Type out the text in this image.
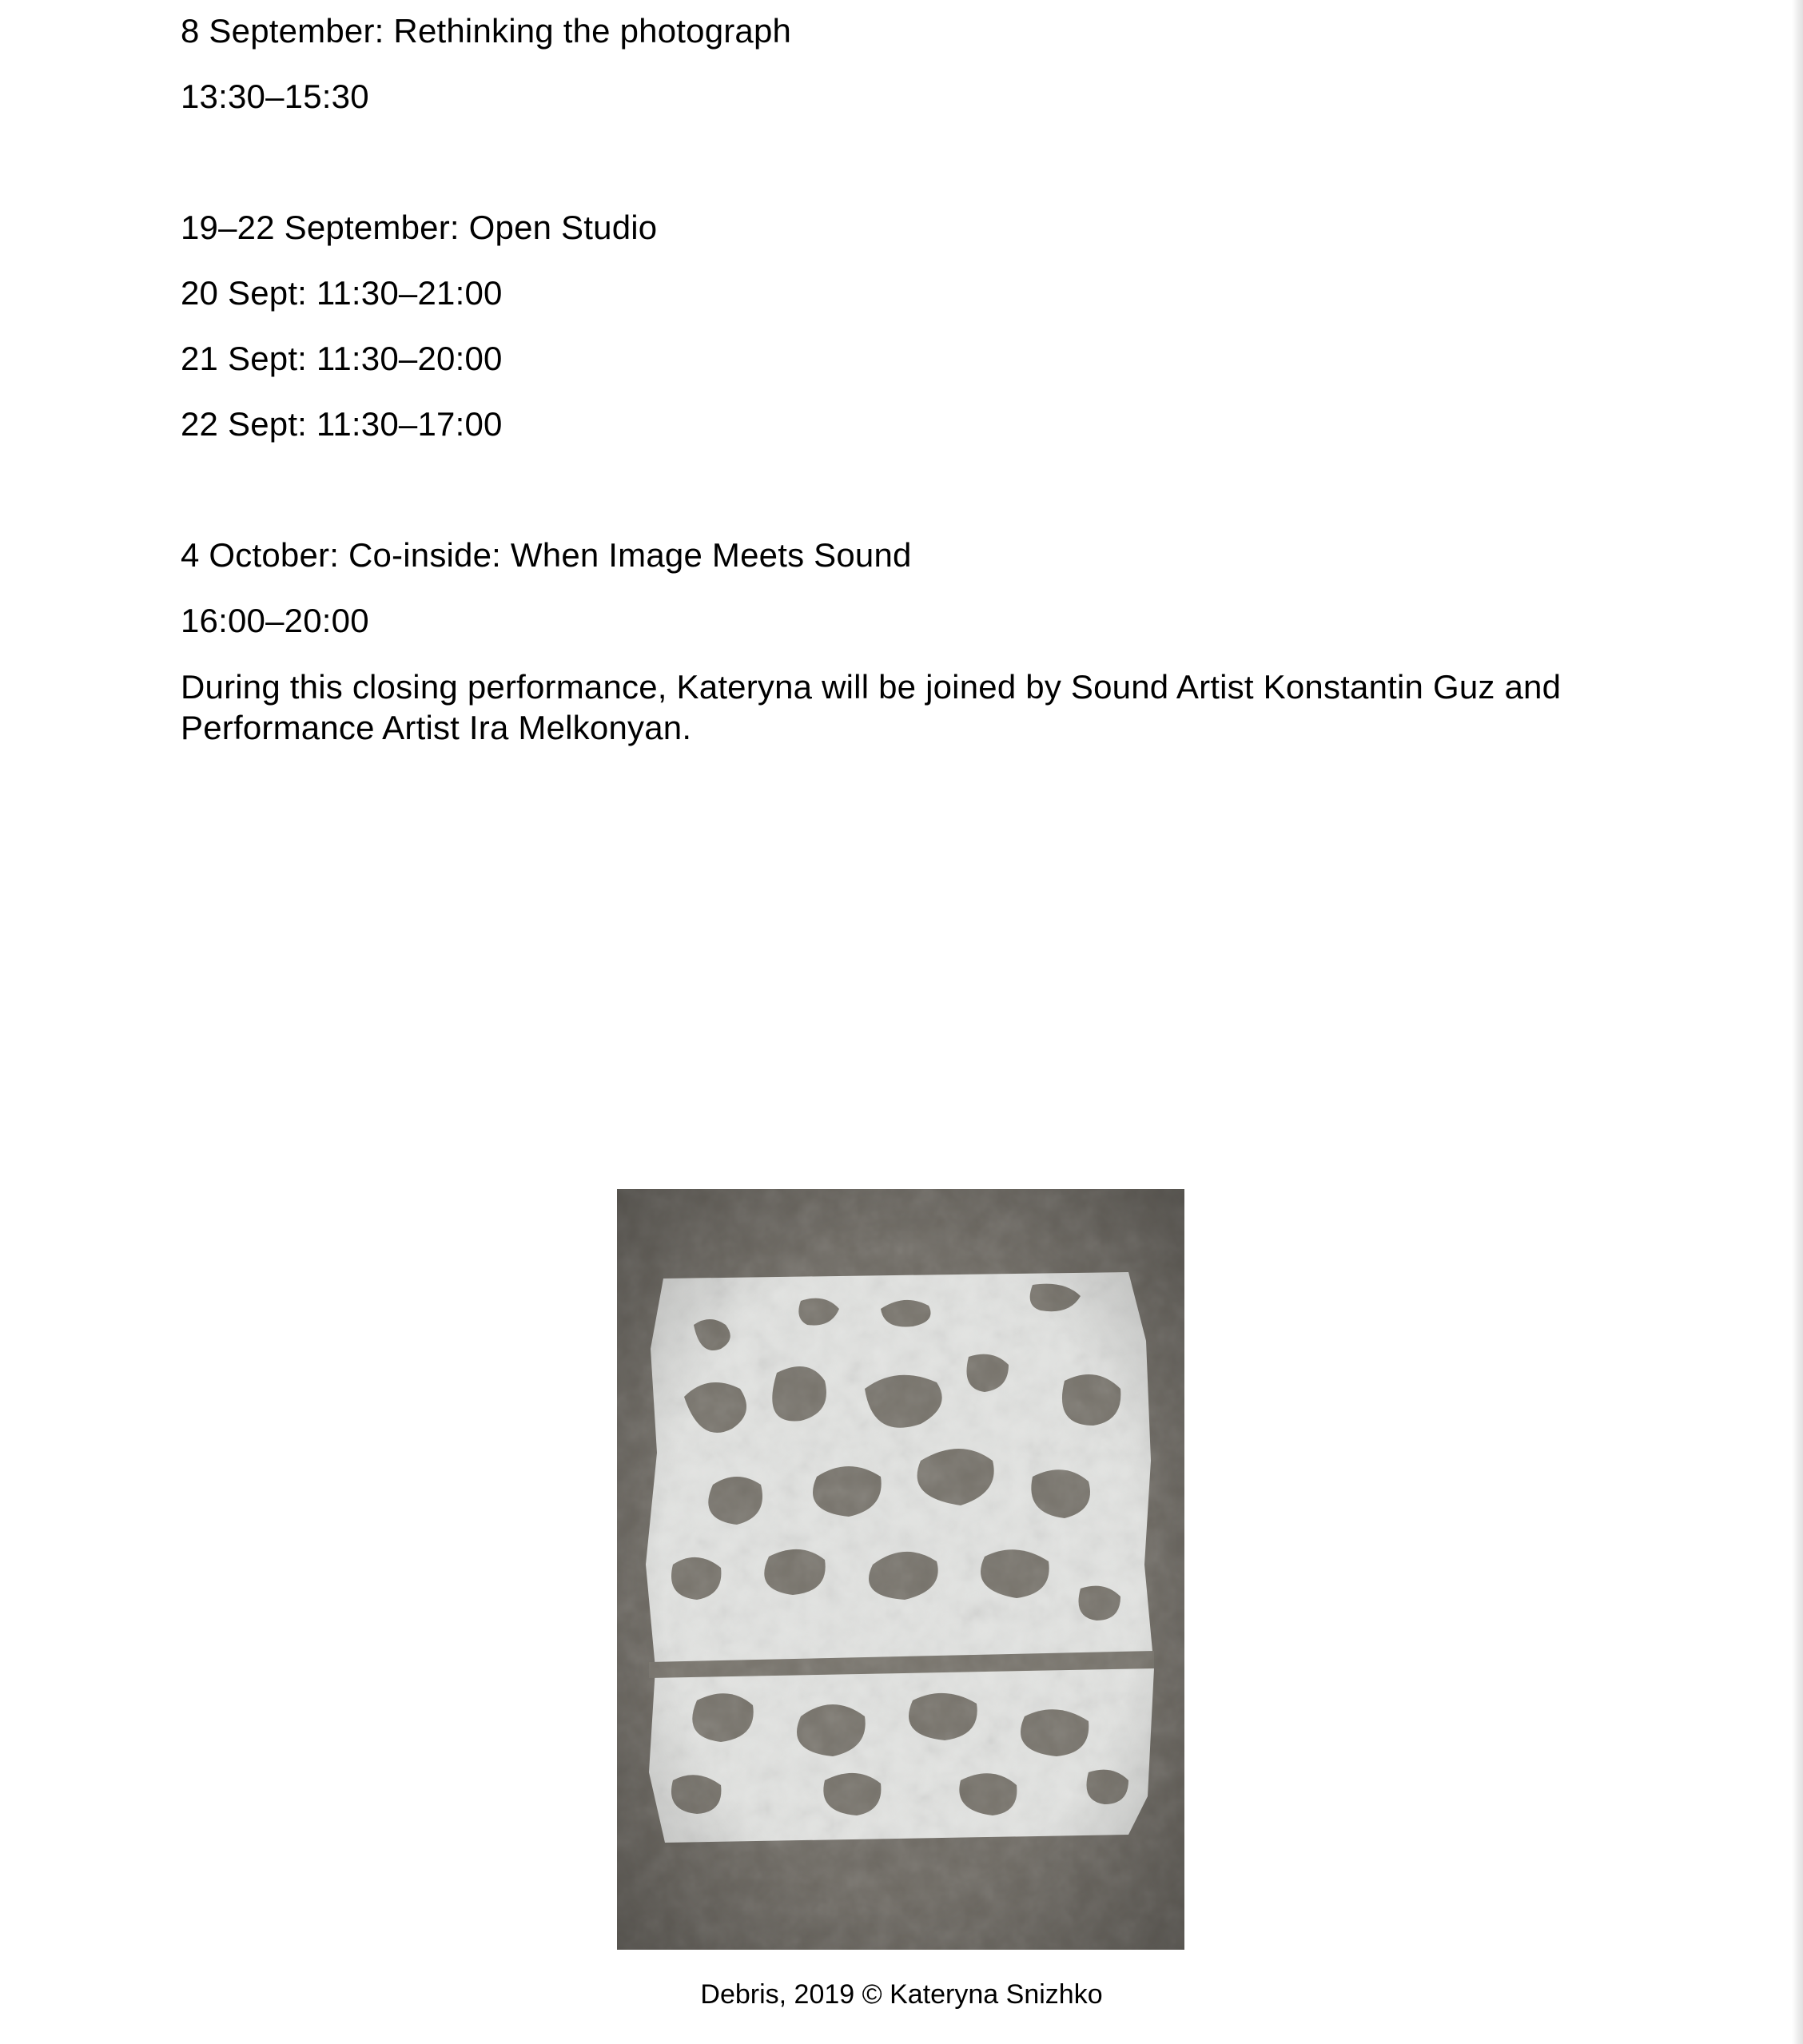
8 September: Rethinking the photograph

13:30–15:30

19–22 September: Open Studio

20 Sept: 11:30–21:00

21 Sept: 11:30–20:00

22 Sept: 11:30–17:00

4 October: Co-inside: When Image Meets Sound

16:00–20:00

During this closing performance, Kateryna will be joined by Sound Artist Konstantin Guz and Performance Artist Ira Melkonyan.

Debris, 2019 © Kateryna Snizhko
